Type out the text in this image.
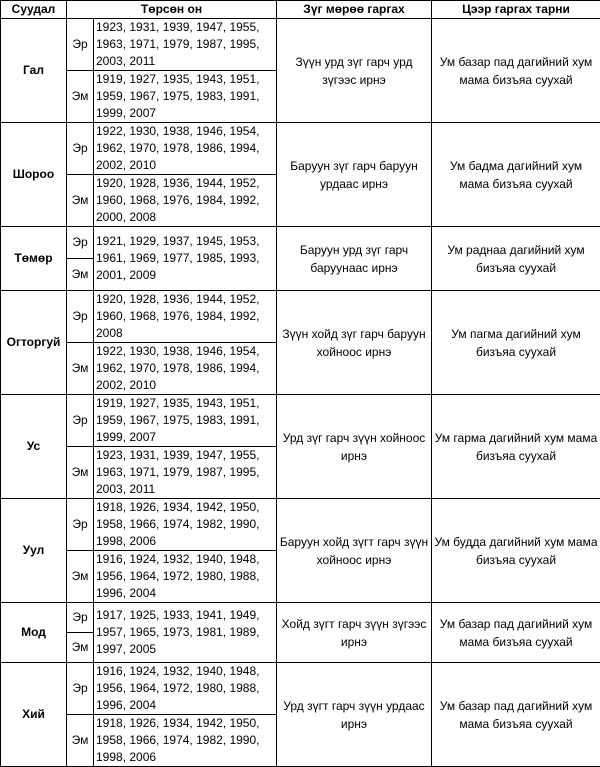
Суудал	Төрсөн он		Зүг мөрөө гаргах	Цээр гаргах тарни
Гал	Эр	1923, 1931, 1939, 1947, 1955, 1963, 1971, 1979, 1987, 1995, 2003, 2011	Зүүн урд зүг гарч урд зүгээс ирнэ	Ум базар пад дагийний хум мама бизъяа суухай
	Эм	1919, 1927, 1935, 1943, 1951, 1959, 1967, 1975, 1983, 1991, 1999, 2007		
Шороо	Эр	1922, 1930, 1938, 1946, 1954, 1962, 1970, 1978, 1986, 1994, 2002, 2010	Баруун зүг гарч баруун урдаас ирнэ	Ум бадма дагийний хум мама бизъяа суухай
	Эм	1920, 1928, 1936, 1944, 1952, 1960, 1968, 1976, 1984, 1992, 2000, 2008		
Төмөр	Эр	1921, 1929, 1937, 1945, 1953, 1961, 1969, 1977, 1985, 1993, 2001, 2009	Баруун урд зүг гарч баруунаас ирнэ	Ум раднаа дагийний хум бизъяа суухай
	Эм			
Огторгуй	Эр	1920, 1928, 1936, 1944, 1952, 1960, 1968, 1976, 1984, 1992, 2008	Зүүн хойд зүг гарч баруун хойноос ирнэ	Ум пагма дагийний хум бизъяа суухай
	Эм	1922, 1930, 1938, 1946, 1954, 1962, 1970, 1978, 1986, 1994, 2002, 2010		
Ус	Эр	1919, 1927, 1935, 1943, 1951, 1959, 1967, 1975, 1983, 1991, 1999, 2007	Урд зүг гарч зүүн хойноос ирнэ	Ум гарма дагийний хум мама бизъяа суухай
	Эм	1923, 1931, 1939, 1947, 1955, 1963, 1971, 1979, 1987, 1995, 2003, 2011		
Уул	Эр	1918, 1926, 1934, 1942, 1950, 1958, 1966, 1974, 1982, 1990, 1998, 2006	Баруун хойд зүгт гарч зүүн хойноос ирнэ	Ум будда дагийний хум мама бизъяа суухай
	Эм	1916, 1924, 1932, 1940, 1948, 1956, 1964, 1972, 1980, 1988, 1996, 2004		
Мод	Эр	1917, 1925, 1933, 1941, 1949, 1957, 1965, 1973, 1981, 1989, 1997, 2005	Хойд зүгт гарч зүүн зүгээс ирнэ	Ум базар пад дагийний хум мама бизъяа суухай
	Эм			
Хий	Эр	1916, 1924, 1932, 1940, 1948, 1956, 1964, 1972, 1980, 1988, 1996, 2004	Урд зүгт гарч зүүн урдаас ирнэ	Ум базар пад дагийний хум мама бизъяа суухай
	Эм	1918, 1926, 1934, 1942, 1950, 1958, 1966, 1974, 1982, 1990, 1998, 2006		
